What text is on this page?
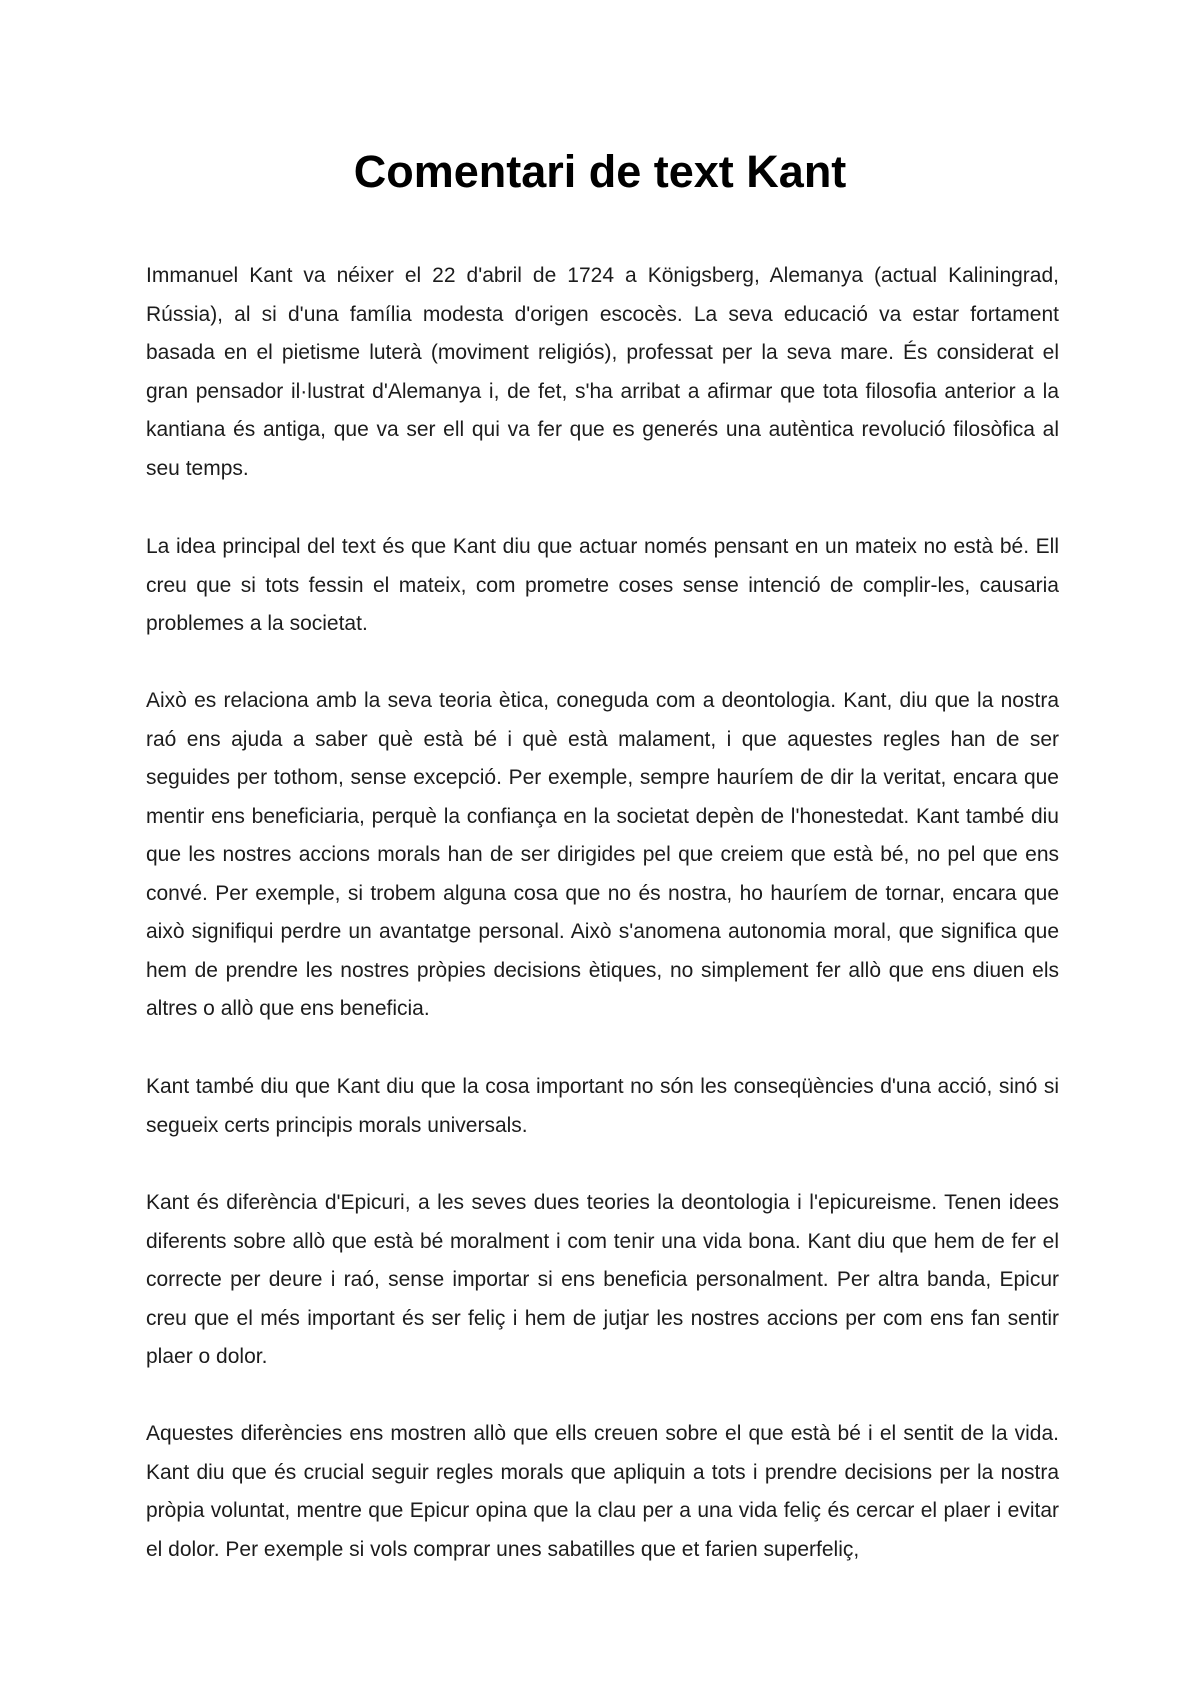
Comentari de text Kant

Immanuel Kant va néixer el 22 d'abril de 1724 a Königsberg, Alemanya (actual Kaliningrad, Rússia), al si d'una família modesta d'origen escocès. La seva educació va estar fortament basada en el pietisme luterà (moviment religiós), professat per la seva mare. És considerat el gran pensador il·lustrat d'Alemanya i, de fet, s'ha arribat a afirmar que tota filosofia anterior a la kantiana és antiga, que va ser ell qui va fer que es generés una autèntica revolució filosòfica al seu temps.

La idea principal del text és que Kant diu que actuar només pensant en un mateix no està bé. Ell creu que si tots fessin el mateix, com prometre coses sense intenció de complir-les, causaria problemes a la societat.

Això es relaciona amb la seva teoria ètica, coneguda com a deontologia. Kant, diu que la nostra raó ens ajuda a saber què està bé i què està malament, i que aquestes regles han de ser seguides per tothom, sense excepció. Per exemple, sempre hauríem de dir la veritat, encara que mentir ens beneficiaria, perquè la confiança en la societat depèn de l'honestedat. Kant també diu que les nostres accions morals han de ser dirigides pel que creiem que està bé, no pel que ens convé. Per exemple, si trobem alguna cosa que no és nostra, ho hauríem de tornar, encara que això signifiqui perdre un avantatge personal. Això s'anomena autonomia moral, que significa que hem de prendre les nostres pròpies decisions ètiques, no simplement fer allò que ens diuen els altres o allò que ens beneficia.

Kant també diu que Kant diu que la cosa important no són les conseqüències d'una acció, sinó si segueix certs principis morals universals.

Kant és diferència d'Epicuri, a les seves dues teories la deontologia i l'epicureisme. Tenen idees diferents sobre allò que està bé moralment i com tenir una vida bona. Kant diu que hem de fer el correcte per deure i raó, sense importar si ens beneficia personalment. Per altra banda, Epicur creu que el més important és ser feliç i hem de jutjar les nostres accions per com ens fan sentir plaer o dolor.

Aquestes diferències ens mostren allò que ells creuen sobre el que està bé i el sentit de la vida. Kant diu que és crucial seguir regles morals que apliquin a tots i prendre decisions per la nostra pròpia voluntat, mentre que Epicur opina que la clau per a una vida feliç és cercar el plaer i evitar el dolor. Per exemple si vols comprar unes sabatilles que et farien superfeliç,
